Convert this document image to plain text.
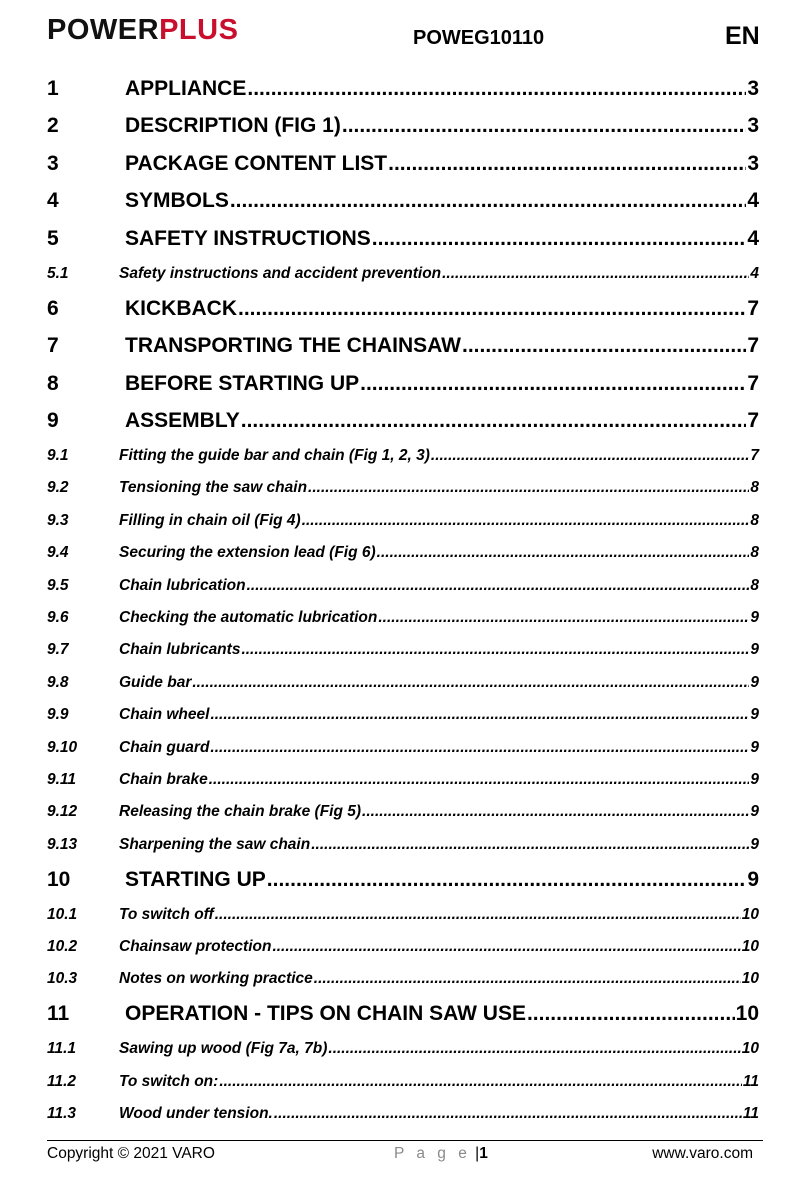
POWERPLUS	POWEG10110	EN
1	APPLIANCE .....	3
2	DESCRIPTION (FIG 1) .....	3
3	PACKAGE CONTENT LIST .....	3
4	SYMBOLS .....	4
5	SAFETY INSTRUCTIONS .....	4
5.1	Safety instructions and accident prevention .....	4
6	KICKBACK .....	7
7	TRANSPORTING THE CHAINSAW .....	7
8	BEFORE STARTING UP .....	7
9	ASSEMBLY .....	7
9.1	Fitting the guide bar and chain (Fig 1, 2, 3) .....	7
9.2	Tensioning the saw chain .....	8
9.3	Filling in chain oil (Fig 4) .....	8
9.4	Securing the extension lead (Fig 6) .....	8
9.5	Chain lubrication .....	8
9.6	Checking the automatic lubrication .....	9
9.7	Chain lubricants .....	9
9.8	Guide bar .....	9
9.9	Chain wheel .....	9
9.10	Chain guard .....	9
9.11	Chain brake .....	9
9.12	Releasing the chain brake (Fig 5) .....	9
9.13	Sharpening the saw chain .....	9
10	STARTING UP .....	9
10.1	To switch off .....	10
10.2	Chainsaw protection .....	10
10.3	Notes on working practice .....	10
11	OPERATION - TIPS ON CHAIN SAW USE .....	10
11.1	Sawing up wood (Fig 7a, 7b) .....	10
11.2	To switch on: .....	11
11.3	Wood under tension. .....	11
Copyright © 2021 VARO	P a g e |1	www.varo.com
